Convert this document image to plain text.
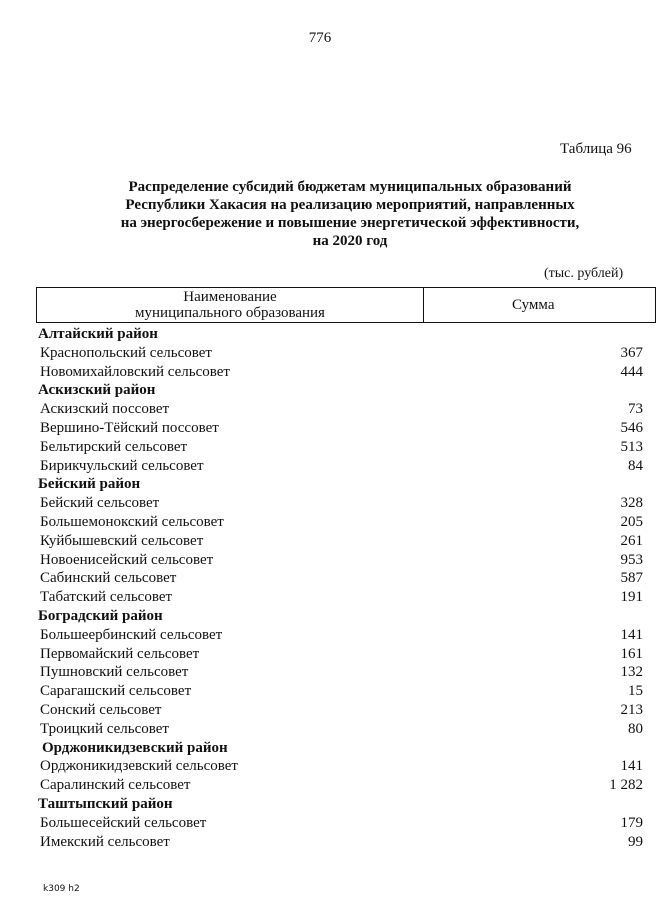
776
Таблица 96
Распределение субсидий бюджетам муниципальных образований
Республики Хакасия на реализацию мероприятий, направленных
на энергосбережение и повышение энергетической эффективности,
на 2020 год
(тыс. рублей)
Наименование
муниципального образования	Сумма
Алтайский район
Краснопольский сельсовет	367
Новомихайловский сельсовет	444
Аскизский район
Аскизский поссовет	73
Вершино-Тёйский поссовет	546
Бельтирский сельсовет	513
Бирикчульский сельсовет	84
Бейский район
Бейский сельсовет	328
Большемонокский сельсовет	205
Куйбышевский сельсовет	261
Новоенисейский сельсовет	953
Сабинский сельсовет	587
Табатский сельсовет	191
Боградский район
Большеербинский сельсовет	141
Первомайский сельсовет	161
Пушновский сельсовет	132
Сарагашский сельсовет	15
Сонский сельсовет	213
Троицкий сельсовет	80
Орджоникидзевский район
Орджоникидзевский сельсовет	141
Саралинский сельсовет	1 282
Таштыпский район
Большесейский сельсовет	179
Имекский сельсовет	99
k309 h2
